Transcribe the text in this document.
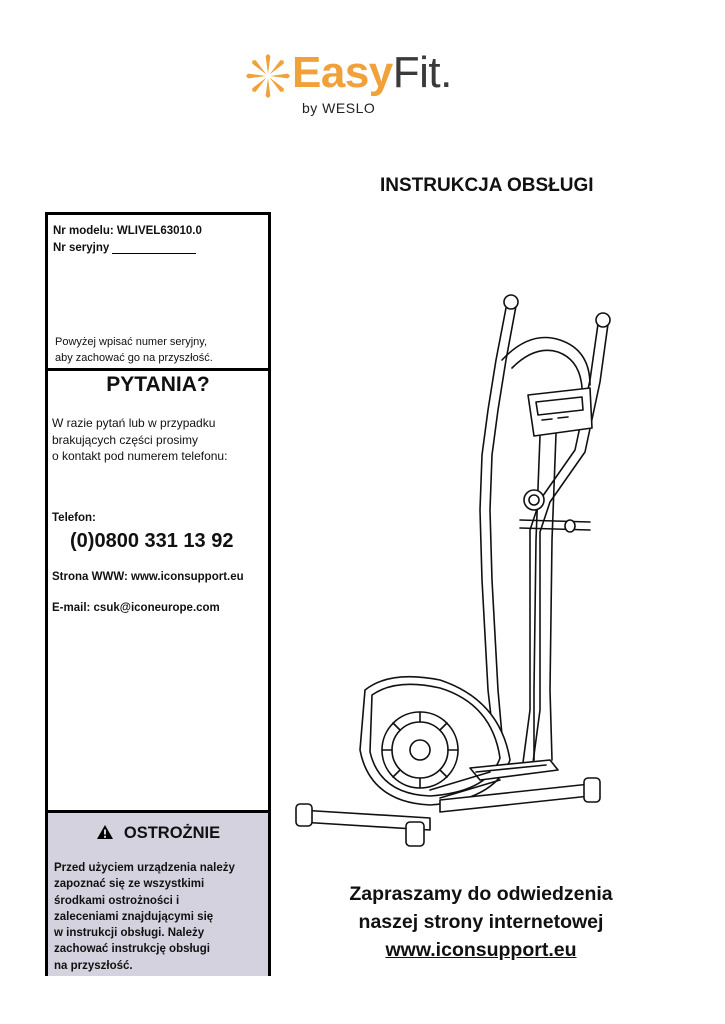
EasyFit.
by WESLO
INSTRUKCJA OBSŁUGI
Nr modelu: WLIVEL63010.0
Nr seryjny
Powyżej wpisać numer seryjny,
aby zachować go na przyszłość.
PYTANIA?
W razie pytań lub w przypadku
brakujących części prosimy
o kontakt pod numerem telefonu:
Telefon:
(0)0800 331 13 92
Strona WWW: www.iconsupport.eu
E-mail: csuk@iconeurope.com
OSTROŻNIE
Przed użyciem urządzenia należy
zapoznać się ze wszystkimi
środkami ostrożności i
zaleceniami znajdującymi się
w instrukcji obsługi. Należy
zachować instrukcję obsługi
na przyszłość.
Zapraszamy do odwiedzenia
naszej strony internetowej
www.iconsupport.eu
